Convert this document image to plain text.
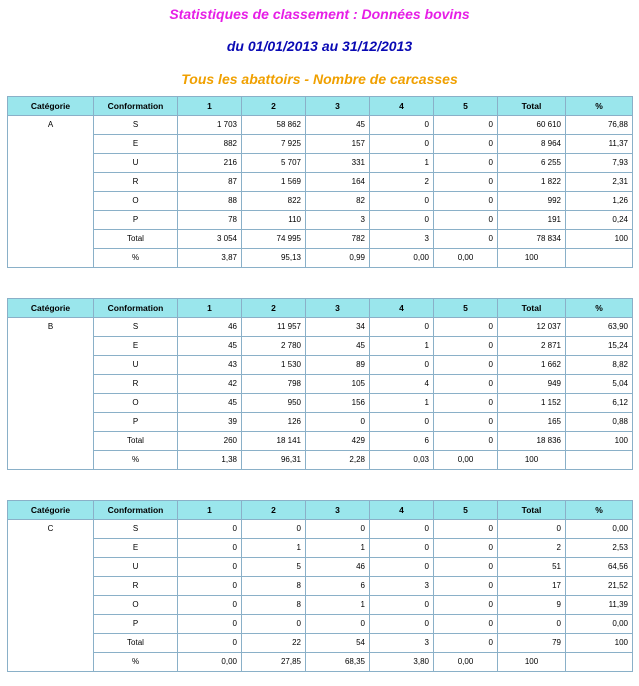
Statistiques de classement : Données bovins
du 01/01/2013 au 31/12/2013
Tous les abattoirs - Nombre de carcasses
Catégorie	Conformation	1	2	3	4	5	Total	%
A	S	1 703	58 862	45	0	0	60 610	76,88
	E	882	7 925	157	0	0	8 964	11,37
	U	216	5 707	331	1	0	6 255	7,93
	R	87	1 569	164	2	0	1 822	2,31
	O	88	822	82	0	0	992	1,26
	P	78	110	3	0	0	191	0,24
	Total	3 054	74 995	782	3	0	78 834	100
	%	3,87	95,13	0,99	0,00	0,00	100	
Catégorie	Conformation	1	2	3	4	5	Total	%
B	S	46	11 957	34	0	0	12 037	63,90
	E	45	2 780	45	1	0	2 871	15,24
	U	43	1 530	89	0	0	1 662	8,82
	R	42	798	105	4	0	949	5,04
	O	45	950	156	1	0	1 152	6,12
	P	39	126	0	0	0	165	0,88
	Total	260	18 141	429	6	0	18 836	100
	%	1,38	96,31	2,28	0,03	0,00	100	
Catégorie	Conformation	1	2	3	4	5	Total	%
C	S	0	0	0	0	0	0	0,00
	E	0	1	1	0	0	2	2,53
	U	0	5	46	0	0	51	64,56
	R	0	8	6	3	0	17	21,52
	O	0	8	1	0	0	9	11,39
	P	0	0	0	0	0	0	0,00
	Total	0	22	54	3	0	79	100
	%	0,00	27,85	68,35	3,80	0,00	100	
